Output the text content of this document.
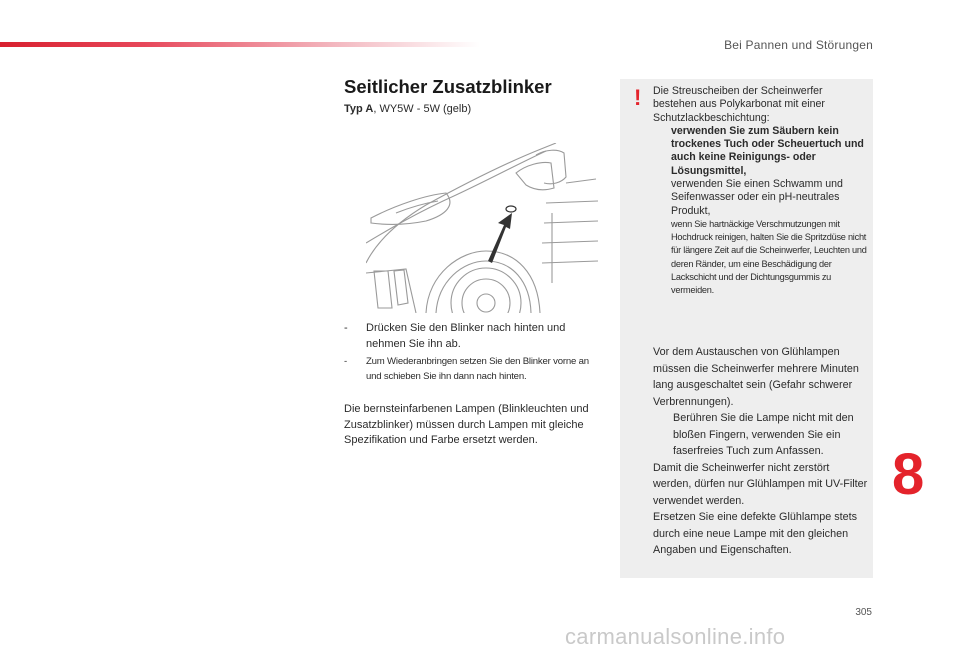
Bei Pannen und Störungen
Seitlicher Zusatzblinker
Typ A, WY5W - 5W (gelb)
-	Drücken Sie den Blinker nach hinten und nehmen Sie ihn ab.
-	Zum Wiederanbringen setzen Sie den Blinker vorne an und schieben Sie ihn dann nach hinten.
Die bernsteinfarbenen Lampen (Blinkleuchten und Zusatzblinker) müssen durch Lampen mit gleiche Spezifikation und Farbe ersetzt werden.
! Die Streuscheiben der Scheinwerfer bestehen aus Polykarbonat mit einer Schutzlackbeschichtung:
verwenden Sie zum Säubern kein trockenes Tuch oder Scheuertuch und auch keine Reinigungs- oder Lösungsmittel,
verwenden Sie einen Schwamm und Seifenwasser oder ein pH-neutrales Produkt,
wenn Sie hartnäckige Verschmutzungen mit Hochdruck reinigen, halten Sie die Spritzdüse nicht für längere Zeit auf die Scheinwerfer, Leuchten und deren Ränder, um eine Beschädigung der Lackschicht und der Dichtungsgummis zu vermeiden.
Vor dem Austauschen von Glühlampen müssen die Scheinwerfer mehrere Minuten lang ausgeschaltet sein (Gefahr schwerer Verbrennungen).
Berühren Sie die Lampe nicht mit den bloßen Fingern, verwenden Sie ein faserfreies Tuch zum Anfassen.
Damit die Scheinwerfer nicht zerstört werden, dürfen nur Glühlampen mit UV-Filter verwendet werden.
Ersetzen Sie eine defekte Glühlampe stets durch eine neue Lampe mit den gleichen Angaben und Eigenschaften.
8
305
carmanualsonline.info
